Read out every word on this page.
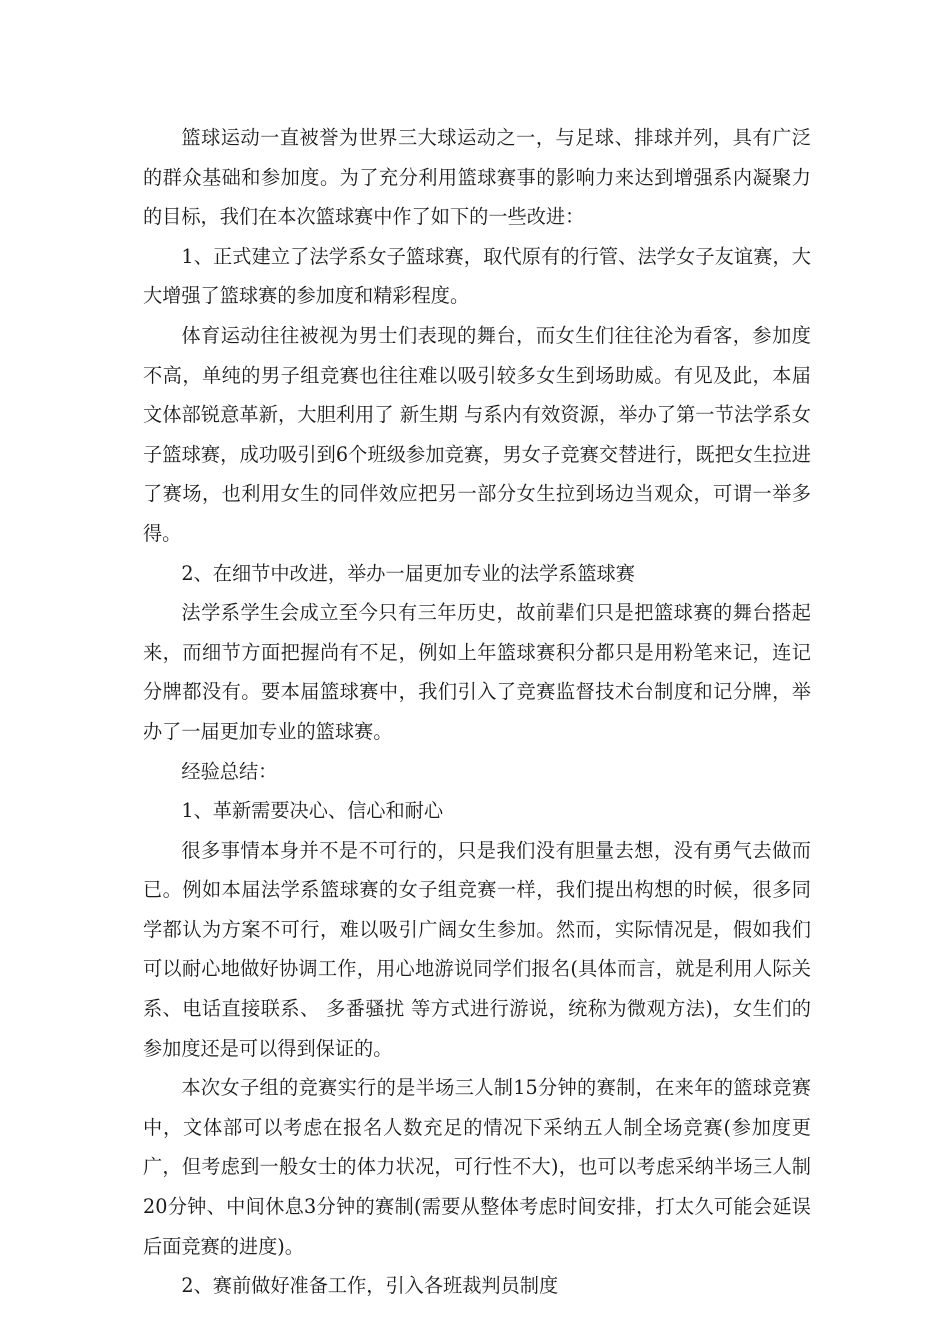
篮球运动一直被誉为世界三大球运动之一，与足球、排球并列，具有广泛的群众基础和参加度。为了充分利用篮球赛事的影响力来达到增强系内凝聚力的目标，我们在本次篮球赛中作了如下的一些改进：

1、正式建立了法学系女子篮球赛，取代原有的行管、法学女子友谊赛，大大增强了篮球赛的参加度和精彩程度。

体育运动往往被视为男士们表现的舞台，而女生们往往沦为看客，参加度不高，单纯的男子组竞赛也往往难以吸引较多女生到场助威。有见及此，本届文体部锐意革新，大胆利用了 新生期 与系内有效资源，举办了第一节法学系女子篮球赛，成功吸引到6个班级参加竞赛，男女子竞赛交替进行，既把女生拉进了赛场，也利用女生的同伴效应把另一部分女生拉到场边当观众，可谓一举多得。

2、在细节中改进，举办一届更加专业的法学系篮球赛

法学系学生会成立至今只有三年历史，故前辈们只是把篮球赛的舞台搭起来，而细节方面把握尚有不足，例如上年篮球赛积分都只是用粉笔来记，连记分牌都没有。要本届篮球赛中，我们引入了竞赛监督技术台制度和记分牌，举办了一届更加专业的篮球赛。

经验总结：

1、革新需要决心、信心和耐心

很多事情本身并不是不可行的，只是我们没有胆量去想，没有勇气去做而已。例如本届法学系篮球赛的女子组竞赛一样，我们提出构想的时候，很多同学都认为方案不可行，难以吸引广阔女生参加。然而，实际情况是，假如我们可以耐心地做好协调工作，用心地游说同学们报名(具体而言，就是利用人际关系、电话直接联系、 多番骚扰 等方式进行游说，统称为微观方法)，女生们的参加度还是可以得到保证的。

本次女子组的竞赛实行的是半场三人制15分钟的赛制，在来年的篮球竞赛中，文体部可以考虑在报名人数充足的情况下采纳五人制全场竞赛(参加度更广，但考虑到一般女士的体力状况，可行性不大)，也可以考虑采纳半场三人制20分钟、中间休息3分钟的赛制(需要从整体考虑时间安排，打太久可能会延误后面竞赛的进度)。

2、赛前做好准备工作，引入各班裁判员制度
